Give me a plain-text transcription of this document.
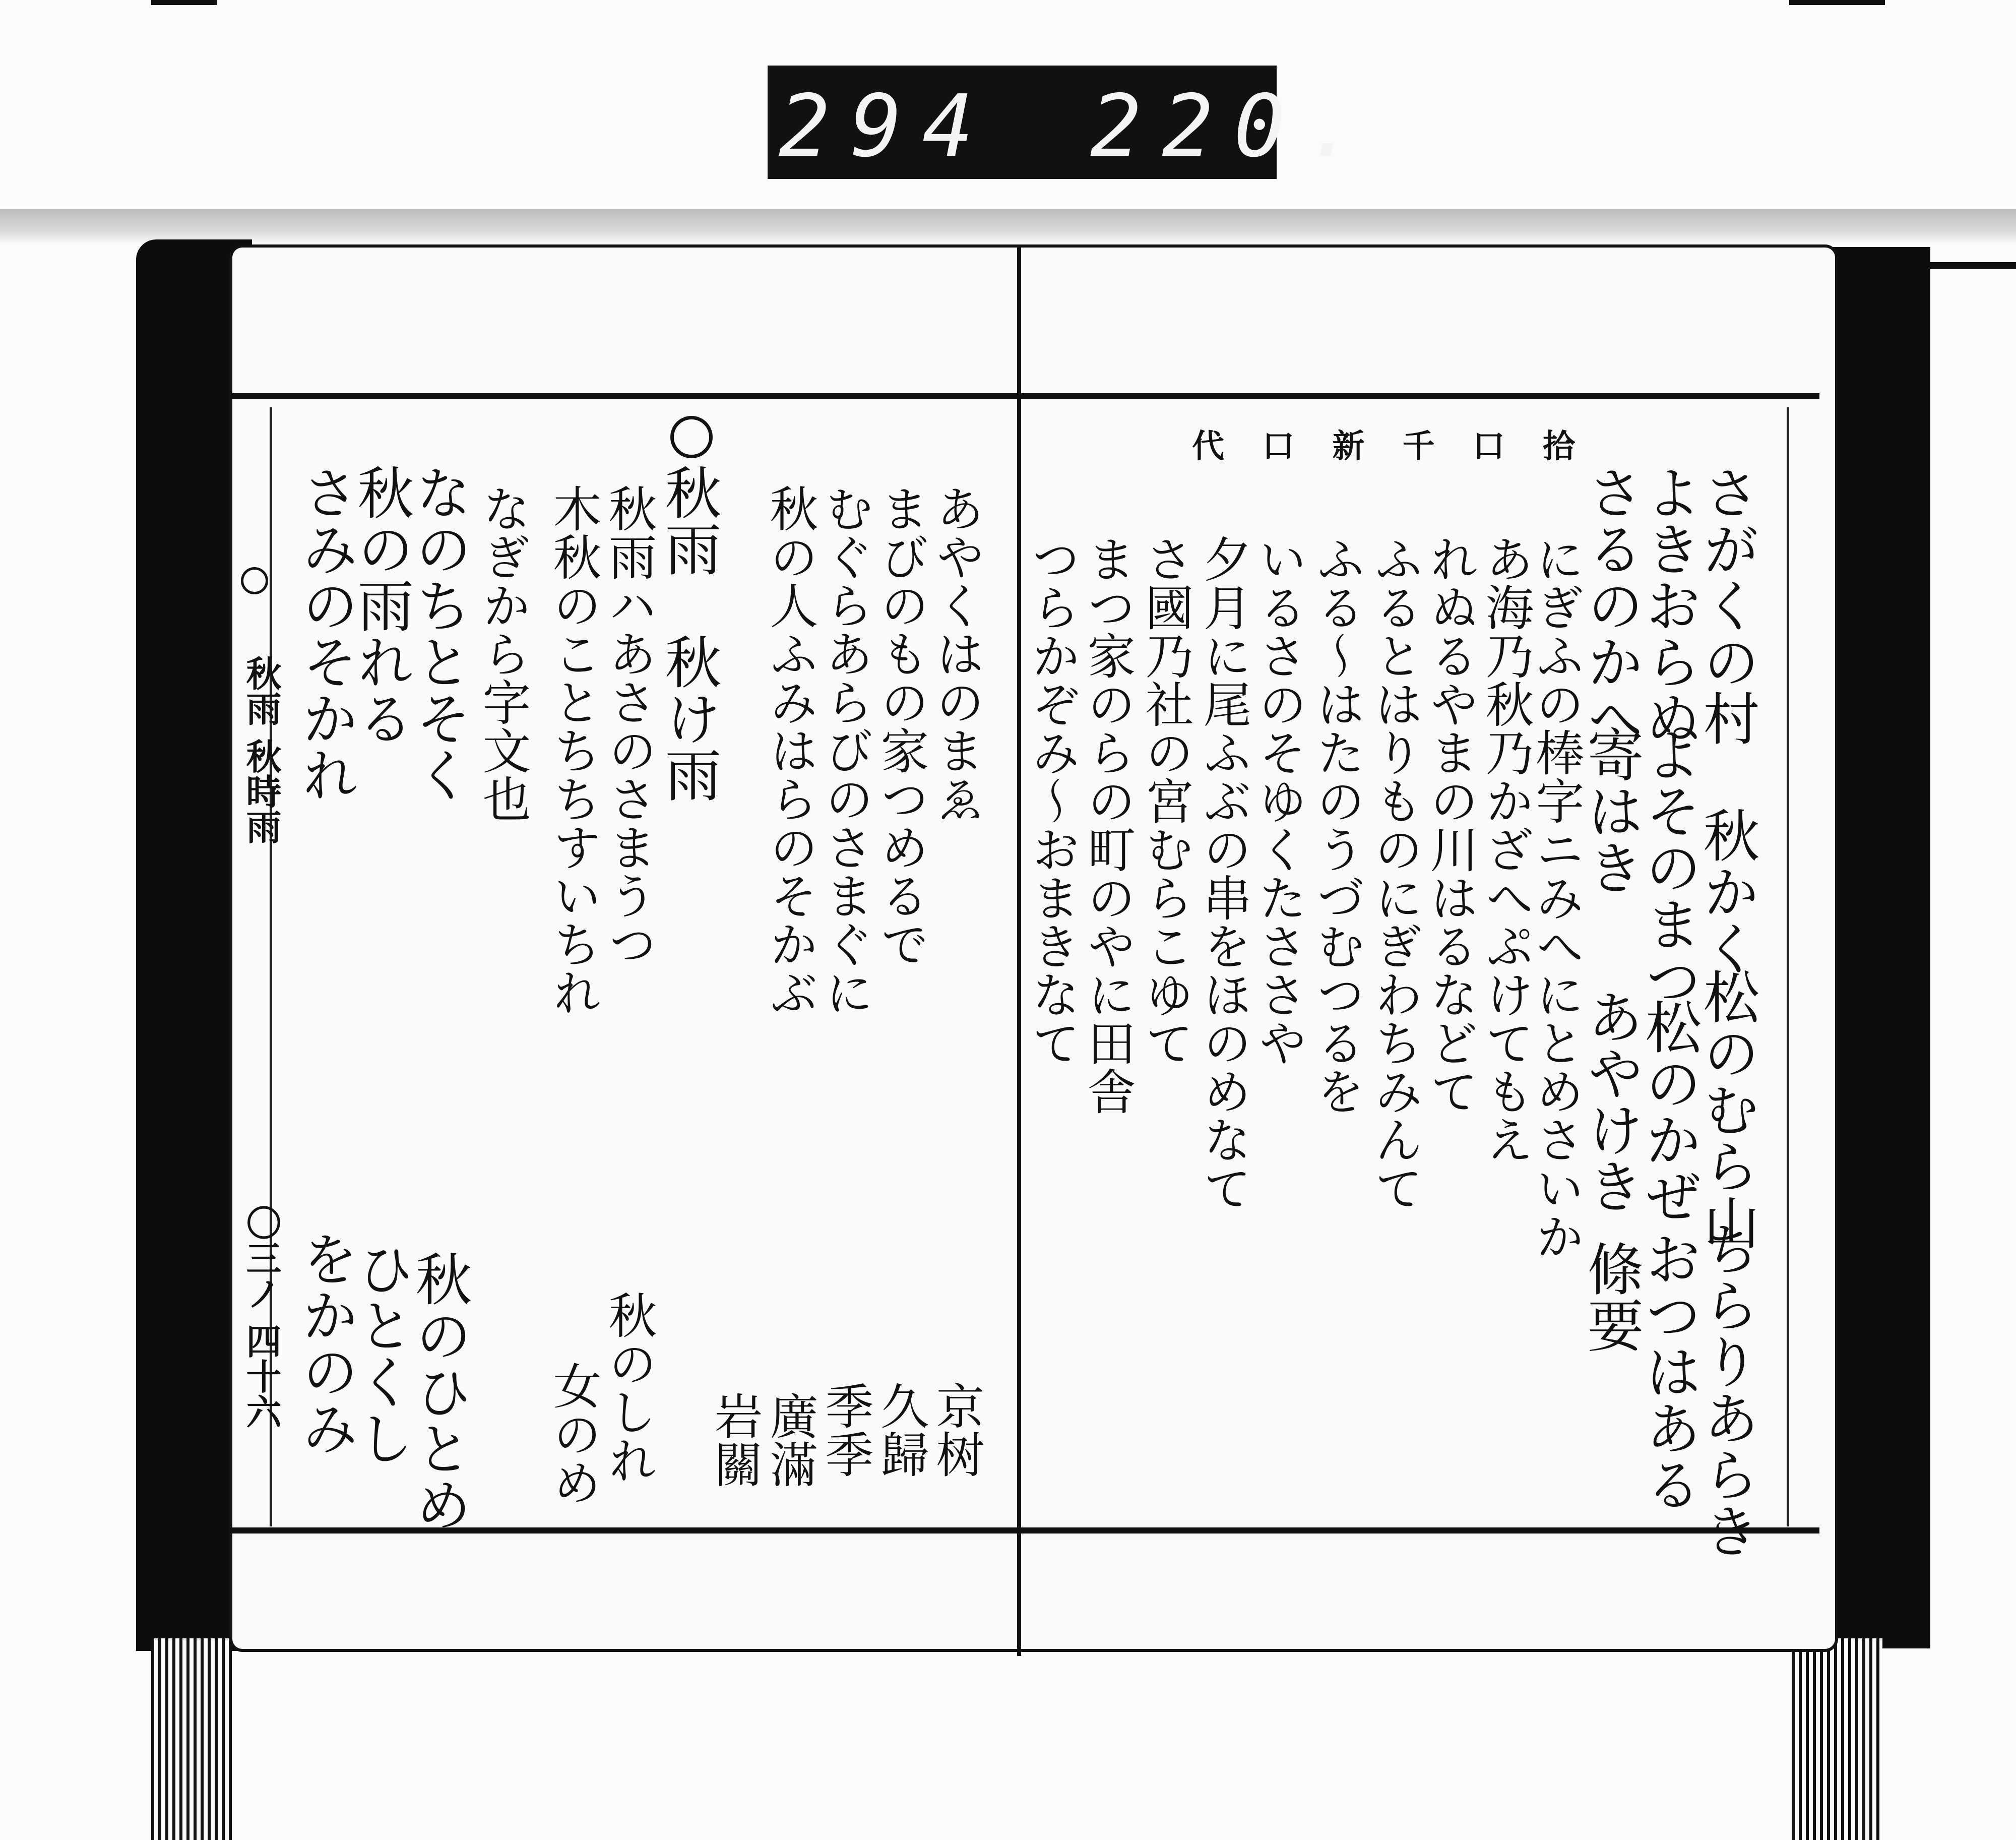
294 220.
拾
口
千
新
口
代
さがくの村
よきおらぬ
さるのかへ
にぎふの棒字ニみへにとめさいか
あ海乃秋乃かざへぷけてもえ
れぬるやまの川はるなどて
ふるとはりものにぎわちみんて
ふる～はたのうづむつるを
いるさのそゆくたささや
夕月に尾ふぶの串をほのめなて
さ國乃社の宮むらこゆて
まつ家のらの町のやに田舎
つらかぞみ～おまきなて
松のむら山
松のかぜ
あやけき
ちらりあらき
おつはある
條要
よそのまつ
寄はき 秋かく
あやくはのまゑ
まびのもの家つめるで
むぐらあらびのさまぐに
秋の人ふみはらのそかぶ
秋雨　秋け雨
秋雨ハあさのさまうつ
木秋のことちちすいちれ
なぎから字文也
なのちとそく
秋の雨れる
さみのそかれ
京树
久歸
季季
廣滿
岩關
秋のしれ
女のめ
秋のひとめ
ひとくし
をかのみ
秋雨 秋時雨
〇三ノ 四十六
